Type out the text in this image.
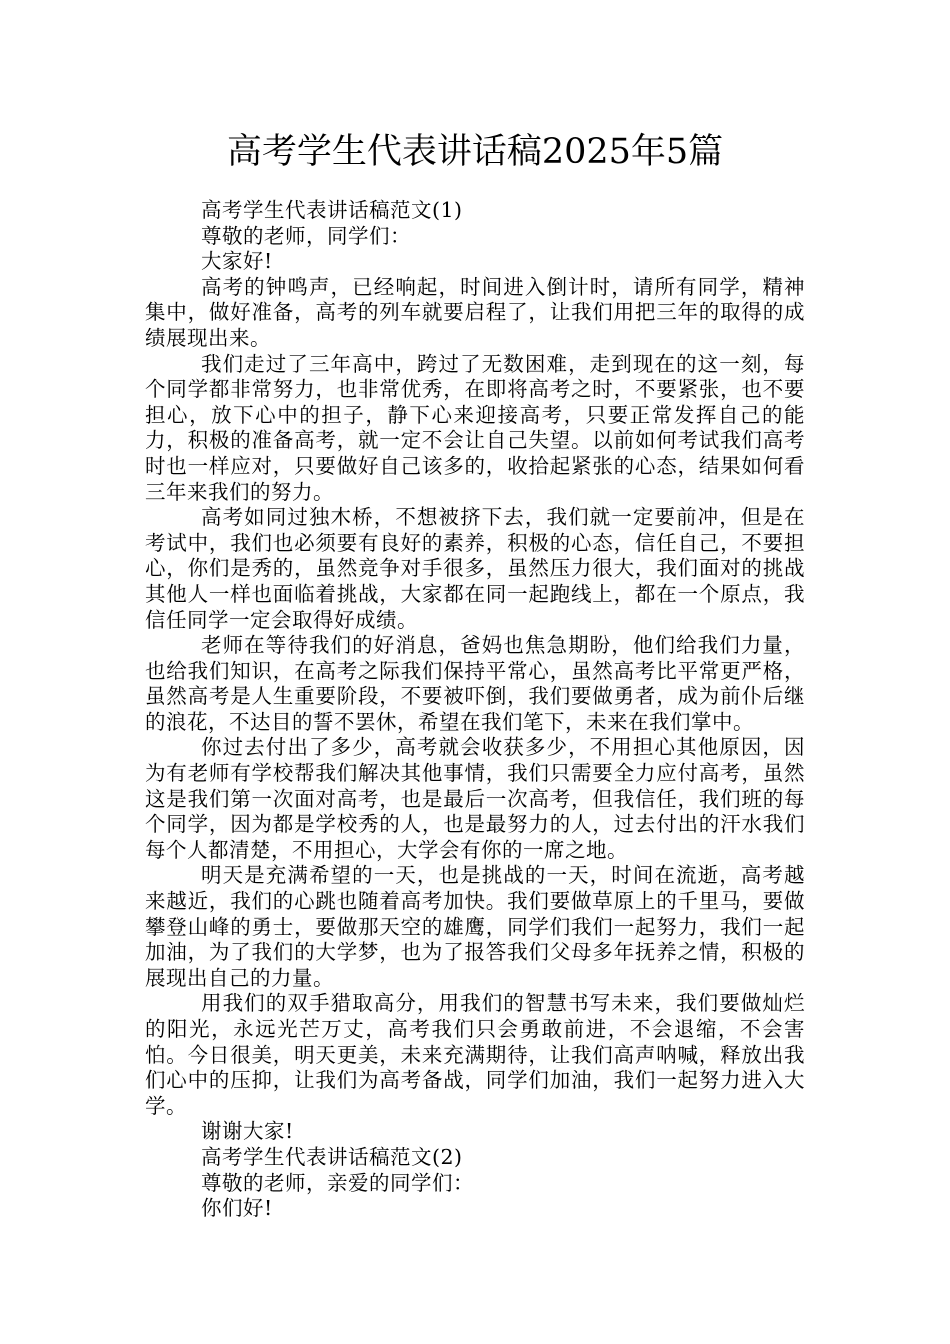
高考学生代表讲话稿2025年5篇

高考学生代表讲话稿范文(1)

尊敬的老师，同学们：

大家好!

高考的钟鸣声，已经响起，时间进入倒计时，请所有同学，精神集中，做好准备，高考的列车就要启程了，让我们用把三年的取得的成绩展现出来。

我们走过了三年高中，跨过了无数困难，走到现在的这一刻，每个同学都非常努力，也非常优秀，在即将高考之时，不要紧张，也不要担心，放下心中的担子，静下心来迎接高考，只要正常发挥自己的能力，积极的准备高考，就一定不会让自己失望。以前如何考试我们高考时也一样应对，只要做好自己该多的，收拾起紧张的心态，结果如何看三年来我们的努力。

高考如同过独木桥，不想被挤下去，我们就一定要前冲，但是在考试中，我们也必须要有良好的素养，积极的心态，信任自己，不要担心，你们是秀的，虽然竞争对手很多，虽然压力很大，我们面对的挑战其他人一样也面临着挑战，大家都在同一起跑线上，都在一个原点，我信任同学一定会取得好成绩。

老师在等待我们的好消息，爸妈也焦急期盼，他们给我们力量，也给我们知识，在高考之际我们保持平常心，虽然高考比平常更严格，虽然高考是人生重要阶段，不要被吓倒，我们要做勇者，成为前仆后继的浪花，不达目的誓不罢休，希望在我们笔下，未来在我们掌中。

你过去付出了多少，高考就会收获多少，不用担心其他原因，因为有老师有学校帮我们解决其他事情，我们只需要全力应付高考，虽然这是我们第一次面对高考，也是最后一次高考，但我信任，我们班的每个同学，因为都是学校秀的人，也是最努力的人，过去付出的汗水我们每个人都清楚，不用担心，大学会有你的一席之地。

明天是充满希望的一天，也是挑战的一天，时间在流逝，高考越来越近，我们的心跳也随着高考加快。我们要做草原上的千里马，要做攀登山峰的勇士，要做那天空的雄鹰，同学们我们一起努力，我们一起加油，为了我们的大学梦，也为了报答我们父母多年抚养之情，积极的展现出自己的力量。

用我们的双手猎取高分，用我们的智慧书写未来，我们要做灿烂的阳光，永远光芒万丈，高考我们只会勇敢前进，不会退缩，不会害怕。今日很美，明天更美，未来充满期待，让我们高声呐喊，释放出我们心中的压抑，让我们为高考备战，同学们加油，我们一起努力进入大学。

谢谢大家!

高考学生代表讲话稿范文(2)

尊敬的老师，亲爱的同学们：

你们好!
